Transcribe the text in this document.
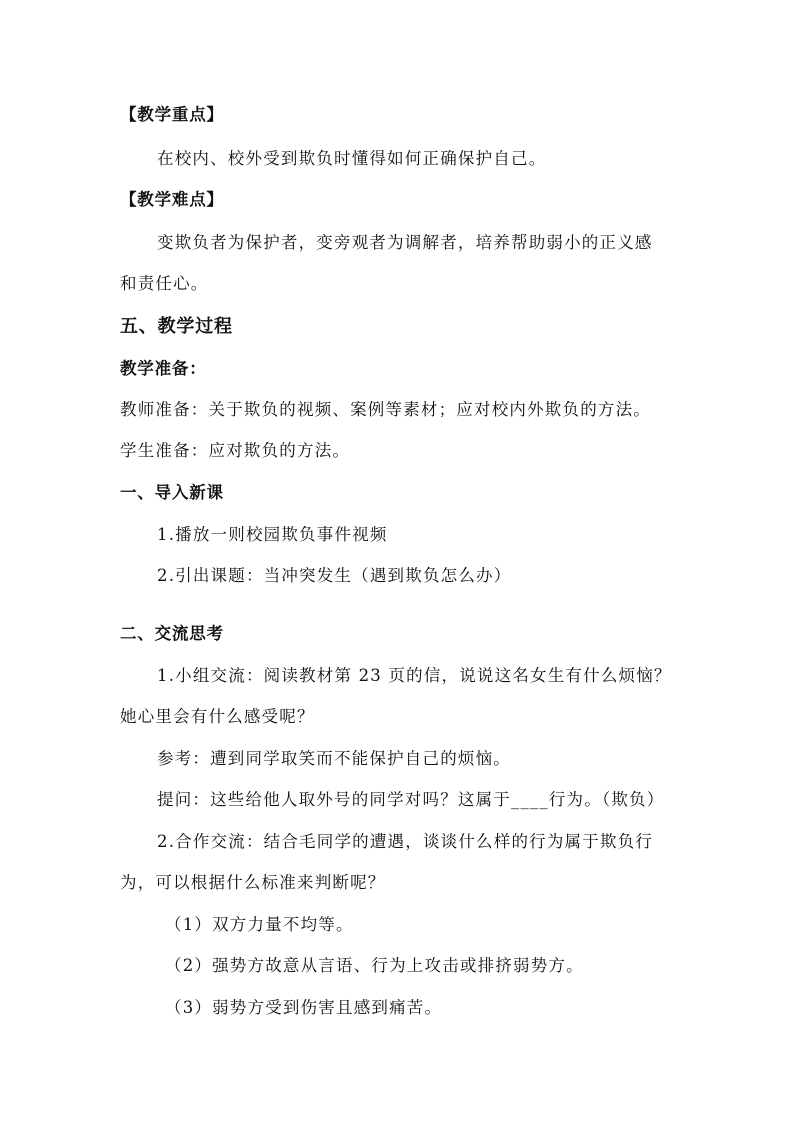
【教学重点】
在校内、校外受到欺负时懂得如何正确保护自己。
【教学难点】
变欺负者为保护者，变旁观者为调解者，培养帮助弱小的正义感
和责任心。
五、教学过程
教学准备：
教师准备：关于欺负的视频、案例等素材；应对校内外欺负的方法。
学生准备：应对欺负的方法。
一、导入新课
1.播放一则校园欺负事件视频
2.引出课题：当冲突发生（遇到欺负怎么办）
二、交流思考
1.小组交流：阅读教材第 23 页的信，说说这名女生有什么烦恼？
她心里会有什么感受呢？
参考：遭到同学取笑而不能保护自己的烦恼。
提问：这些给他人取外号的同学对吗？这属于____行为。（欺负）
2.合作交流：结合毛同学的遭遇，谈谈什么样的行为属于欺负行
为，可以根据什么标准来判断呢？
（1）双方力量不均等。
（2）强势方故意从言语、行为上攻击或排挤弱势方。
（3）弱势方受到伤害且感到痛苦。
